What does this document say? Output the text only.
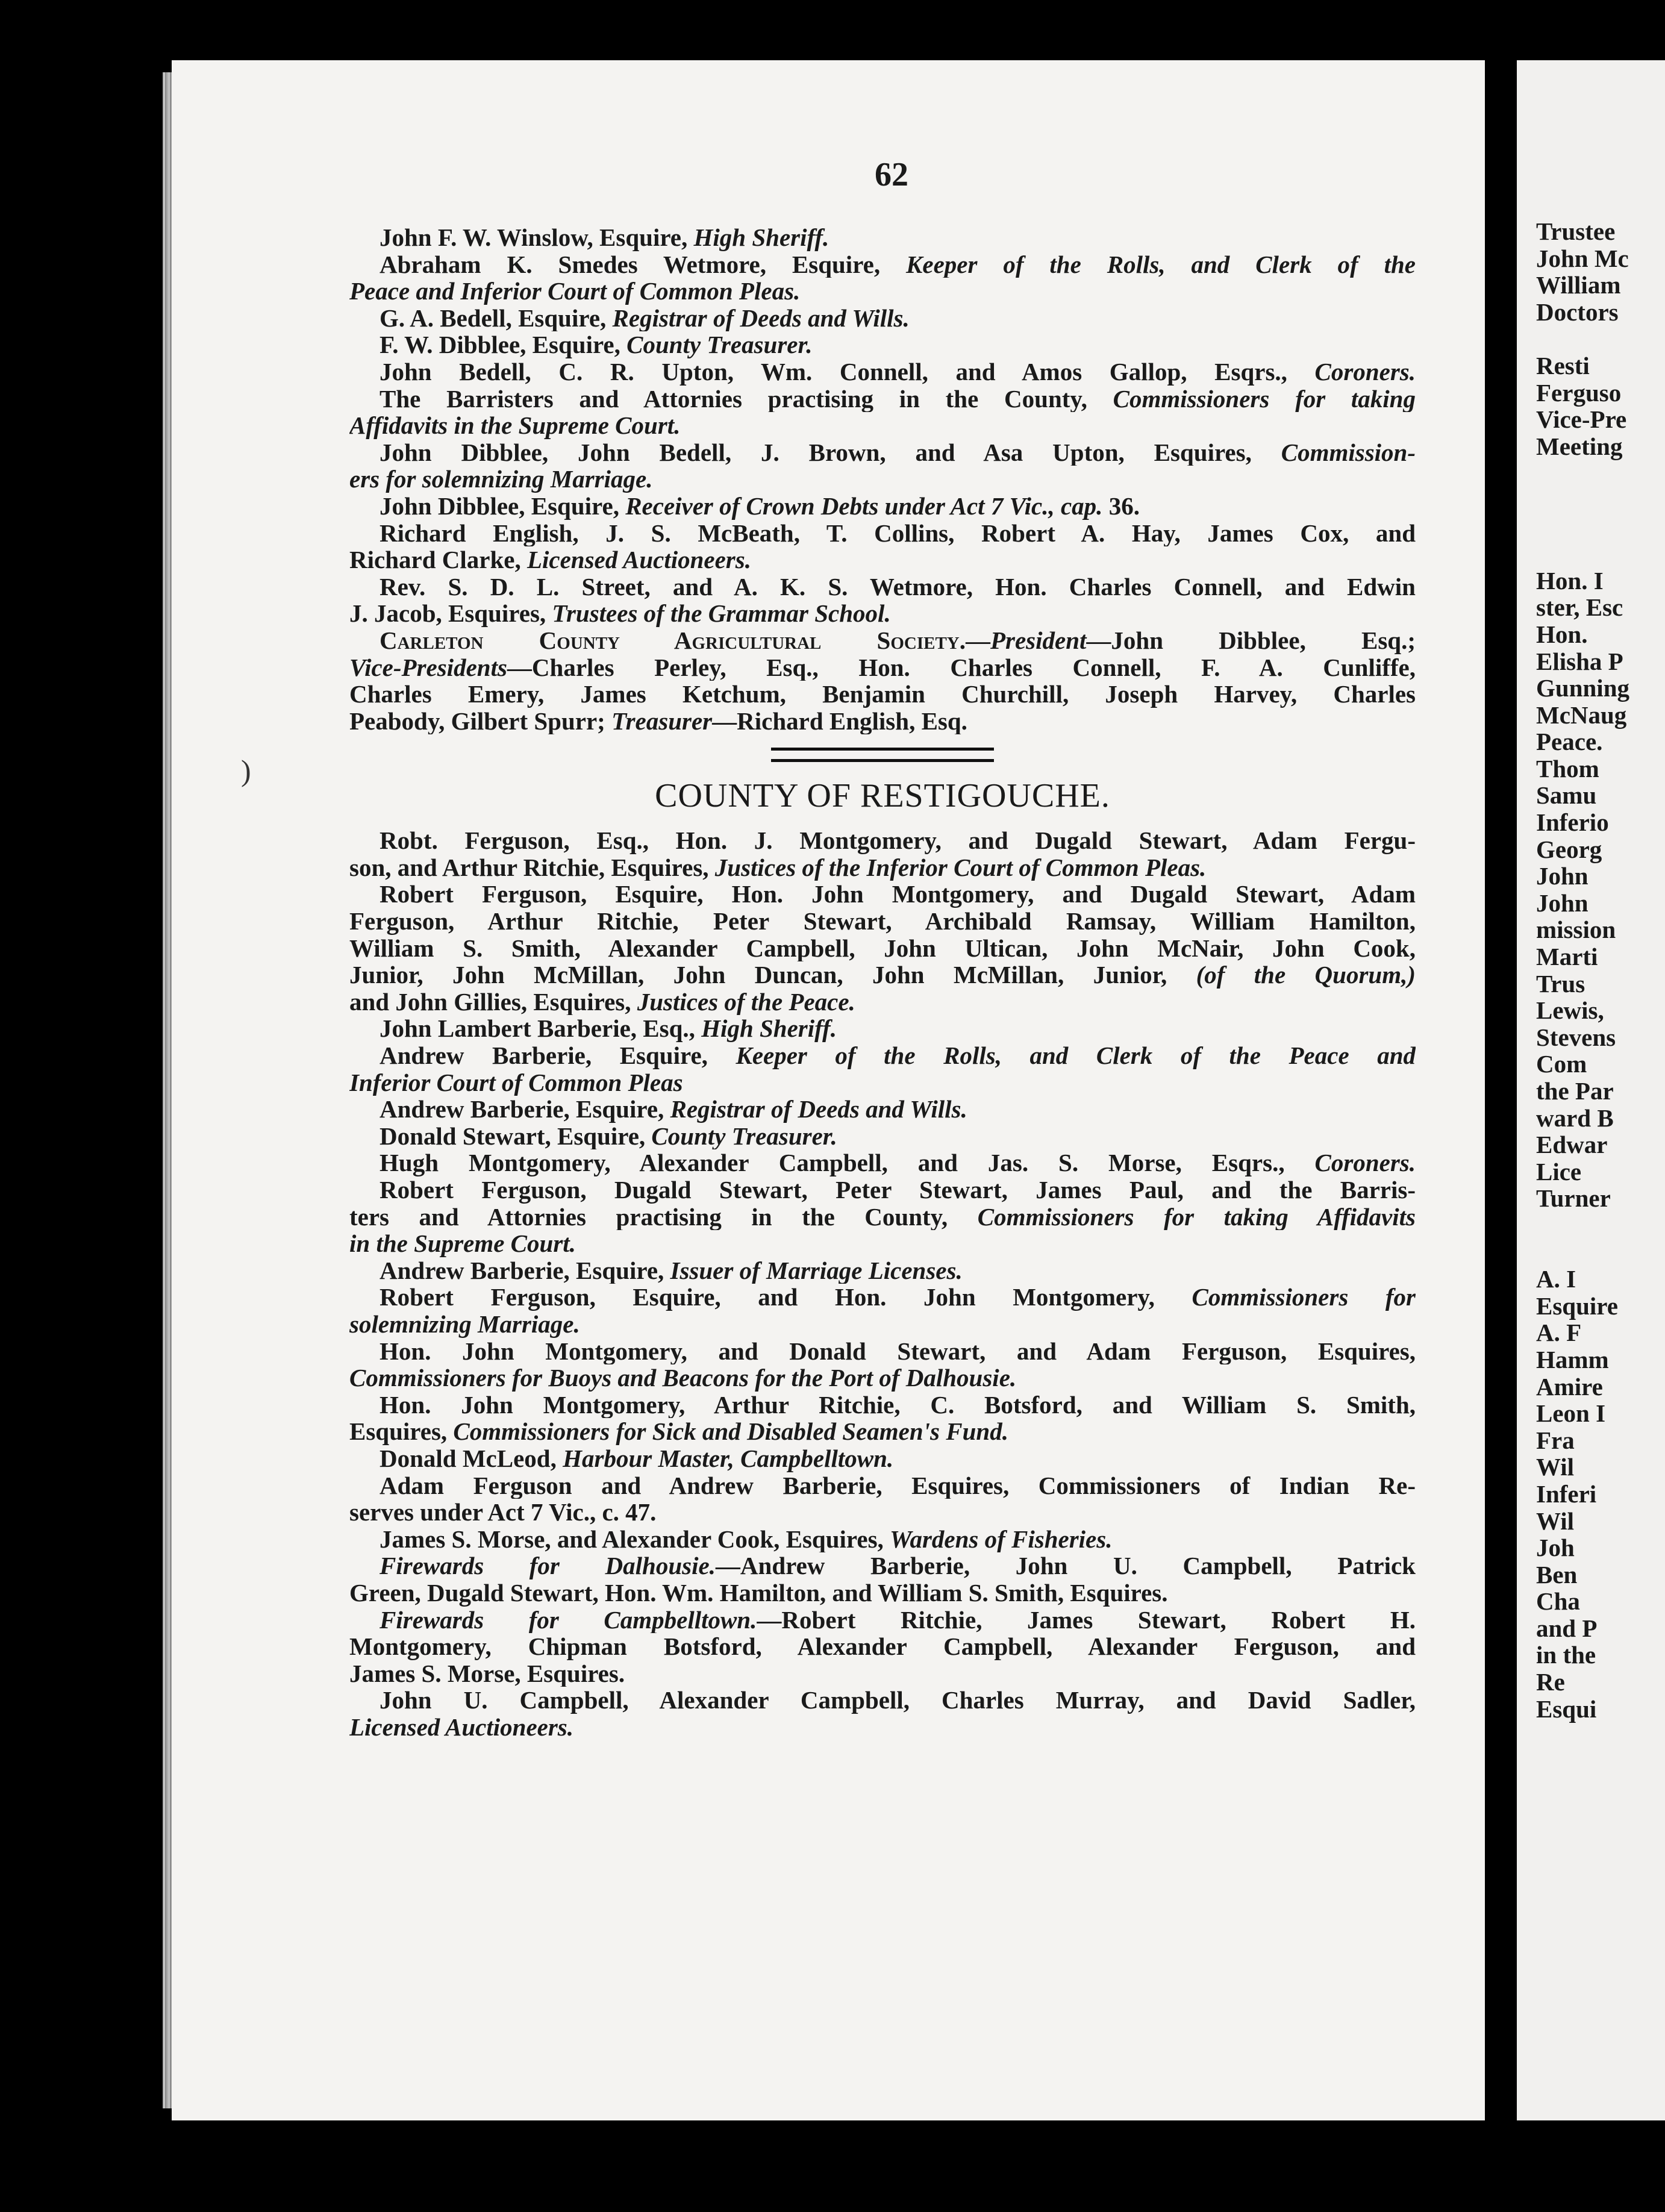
)
62
John F. W. Winslow, Esquire, High Sheriff.
Abraham K. Smedes Wetmore, Esquire, Keeper of the Rolls, and Clerk of the
Peace and Inferior Court of Common Pleas.
G. A. Bedell, Esquire, Registrar of Deeds and Wills.
F. W. Dibblee, Esquire, County Treasurer.
John Bedell, C. R. Upton, Wm. Connell, and Amos Gallop, Esqrs., Coroners.
The Barristers and Attornies practising in the County, Commissioners for taking
Affidavits in the Supreme Court.
John Dibblee, John Bedell, J. Brown, and Asa Upton, Esquires, Commission-
ers for solemnizing Marriage.
John Dibblee, Esquire, Receiver of Crown Debts under Act 7 Vic., cap. 36.
Richard English, J. S. McBeath, T. Collins, Robert A. Hay, James Cox, and
Richard Clarke, Licensed Auctioneers.
Rev. S. D. L. Street, and A. K. S. Wetmore, Hon. Charles Connell, and Edwin
J. Jacob, Esquires, Trustees of the Grammar School.
Carleton County Agricultural Society.—President—John Dibblee, Esq.;
Vice-Presidents—Charles Perley, Esq., Hon. Charles Connell, F. A. Cunliffe,
Charles Emery, James Ketchum, Benjamin Churchill, Joseph Harvey, Charles
Peabody, Gilbert Spurr; Treasurer—Richard English, Esq.
COUNTY OF RESTIGOUCHE.
Robt. Ferguson, Esq., Hon. J. Montgomery, and Dugald Stewart, Adam Fergu-
son, and Arthur Ritchie, Esquires, Justices of the Inferior Court of Common Pleas.
Robert Ferguson, Esquire, Hon. John Montgomery, and Dugald Stewart, Adam
Ferguson, Arthur Ritchie, Peter Stewart, Archibald Ramsay, William Hamilton,
William S. Smith, Alexander Campbell, John Ultican, John McNair, John Cook,
Junior, John McMillan, John Duncan, John McMillan, Junior, (of the Quorum,)
and John Gillies, Esquires, Justices of the Peace.
John Lambert Barberie, Esq., High Sheriff.
Andrew Barberie, Esquire, Keeper of the Rolls, and Clerk of the Peace and
Inferior Court of Common Pleas
Andrew Barberie, Esquire, Registrar of Deeds and Wills.
Donald Stewart, Esquire, County Treasurer.
Hugh Montgomery, Alexander Campbell, and Jas. S. Morse, Esqrs., Coroners.
Robert Ferguson, Dugald Stewart, Peter Stewart, James Paul, and the Barris-
ters and Attornies practising in the County, Commissioners for taking Affidavits
in the Supreme Court.
Andrew Barberie, Esquire, Issuer of Marriage Licenses.
Robert Ferguson, Esquire, and Hon. John Montgomery, Commissioners for
solemnizing Marriage.
Hon. John Montgomery, and Donald Stewart, and Adam Ferguson, Esquires,
Commissioners for Buoys and Beacons for the Port of Dalhousie.
Hon. John Montgomery, Arthur Ritchie, C. Botsford, and William S. Smith,
Esquires, Commissioners for Sick and Disabled Seamen's Fund.
Donald McLeod, Harbour Master, Campbelltown.
Adam Ferguson and Andrew Barberie, Esquires, Commissioners of Indian Re-
serves under Act 7 Vic., c. 47.
James S. Morse, and Alexander Cook, Esquires, Wardens of Fisheries.
Firewards for Dalhousie.—Andrew Barberie, John U. Campbell, Patrick
Green, Dugald Stewart, Hon. Wm. Hamilton, and William S. Smith, Esquires.
Firewards for Campbelltown.—Robert Ritchie, James Stewart, Robert H.
Montgomery, Chipman Botsford, Alexander Campbell, Alexander Ferguson, and
James S. Morse, Esquires.
John U. Campbell, Alexander Campbell, Charles Murray, and David Sadler,
Licensed Auctioneers.
Trustee
John Mc
William
Doctors
Resti
Ferguso
Vice-Pre
Meeting
Hon. I
ster, Esc
Hon.
Elisha P
Gunning
McNaug
Peace.
Thom
Samu
Inferio
Georg
John
John
mission
Marti
Trus
Lewis,
Stevens
Com
the Par
ward B
Edwar
Lice
Turner
A. I
Esquire
A. F
Hamm
Amire
Leon I
Fra
Wil
Inferi
Wil
Joh
Ben
Cha
and P
in the
Re
Esqui
